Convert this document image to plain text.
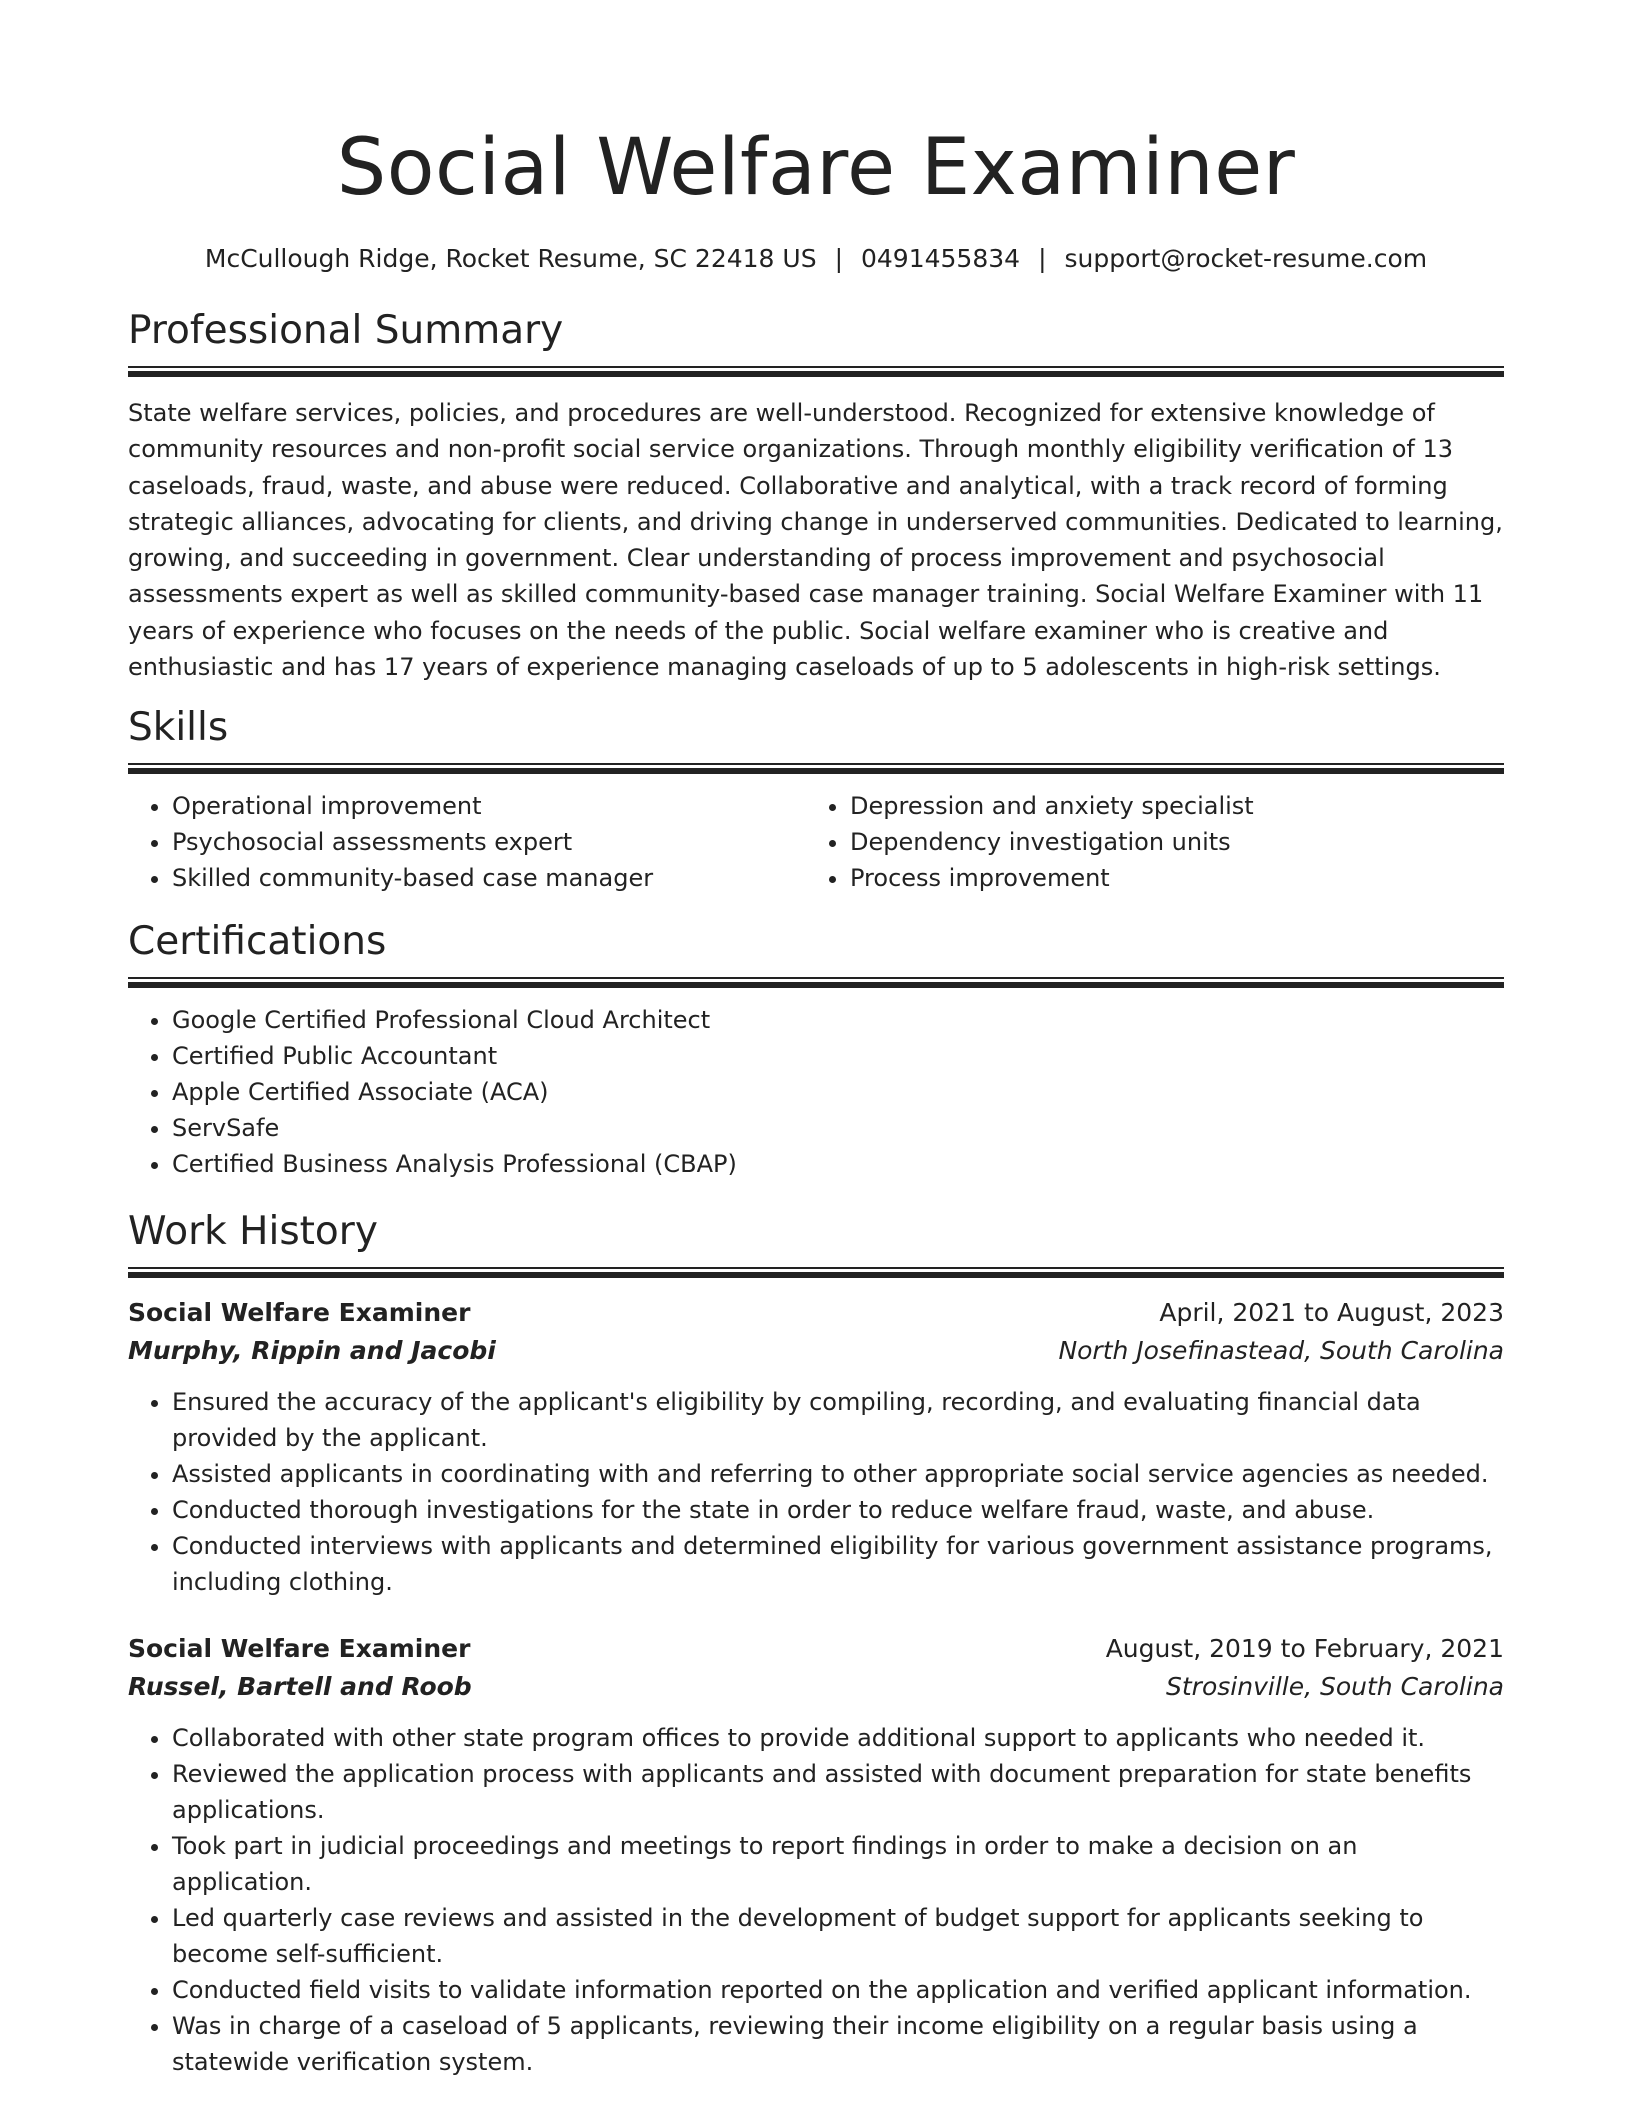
Social Welfare Examiner
McCullough Ridge, Rocket Resume, SC 22418 US | 0491455834 | support@rocket-resume.com
Professional Summary

State welfare services, policies, and procedures are well-understood. Recognized for extensive knowledge of community resources and non-profit social service organizations. Through monthly eligibility verification of 13 caseloads, fraud, waste, and abuse were reduced. Collaborative and analytical, with a track record of forming strategic alliances, advocating for clients, and driving change in underserved communities. Dedicated to learning, growing, and succeeding in government. Clear understanding of process improvement and psychosocial assessments expert as well as skilled community-based case manager training. Social Welfare Examiner with 11 years of experience who focuses on the needs of the public. Social welfare examiner who is creative and enthusiastic and has 17 years of experience managing caseloads of up to 5 adolescents in high-risk settings.

Skills
• Operational improvement
• Psychosocial assessments expert
• Skilled community-based case manager
• Depression and anxiety specialist
• Dependency investigation units
• Process improvement
Certifications
• Google Certified Professional Cloud Architect
• Certified Public Accountant
• Apple Certified Associate (ACA)
• ServSafe
• Certified Business Analysis Professional (CBAP)
Work History
Social Welfare Examiner	April, 2021 to August, 2023
Murphy, Rippin and Jacobi	North Josefinastead, South Carolina
• Ensured the accuracy of the applicant's eligibility by compiling, recording, and evaluating financial data provided by the applicant.
• Assisted applicants in coordinating with and referring to other appropriate social service agencies as needed.
• Conducted thorough investigations for the state in order to reduce welfare fraud, waste, and abuse.
• Conducted interviews with applicants and determined eligibility for various government assistance programs, including clothing.
Social Welfare Examiner	August, 2019 to February, 2021
Russel, Bartell and Roob	Strosinville, South Carolina
• Collaborated with other state program offices to provide additional support to applicants who needed it.
• Reviewed the application process with applicants and assisted with document preparation for state benefits applications.
• Took part in judicial proceedings and meetings to report findings in order to make a decision on an application.
• Led quarterly case reviews and assisted in the development of budget support for applicants seeking to become self-sufficient.
• Conducted field visits to validate information reported on the application and verified applicant information.
• Was in charge of a caseload of 5 applicants, reviewing their income eligibility on a regular basis using a statewide verification system.
